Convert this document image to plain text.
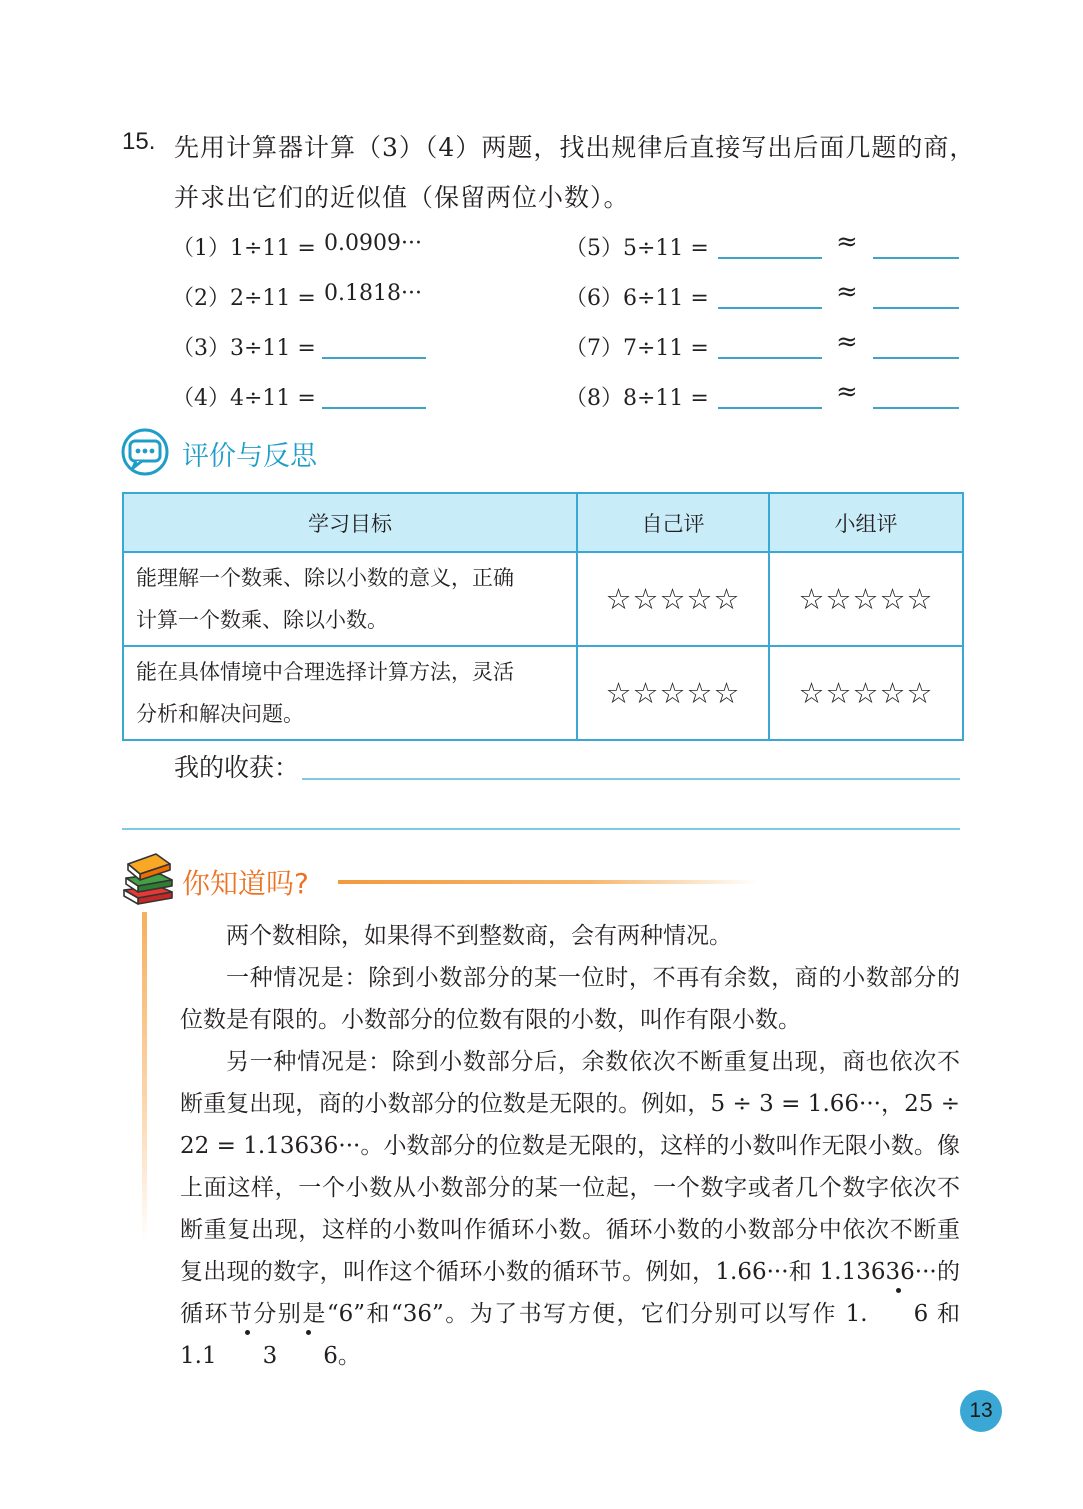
15. 先用计算器计算（3）（4）两题，找出规律后直接写出后面几题的商，
并求出它们的近似值（保留两位小数）。
（1）1÷11 = 0.0909···
（2）2÷11 = 0.1818···
（3）3÷11 =
（4）4÷11 =
（5）5÷11 =	≈
（6）6÷11 =	≈
（7）7÷11 =	≈
（8）8÷11 =	≈
评价与反思
学习目标	自己评	小组评

能理解一个数乘、除以小数的意义，正确
计算一个数乘、除以小数。	☆☆☆☆☆	☆☆☆☆☆

能在具体情境中合理选择计算方法，灵活
分析和解决问题。	☆☆☆☆☆	☆☆☆☆☆
我的收获：
你知道吗?

两个数相除，如果得不到整数商，会有两种情况。

一种情况是：除到小数部分的某一位时，不再有余数，商的小数部分的位数是有限的。小数部分的位数有限的小数，叫作有限小数。

另一种情况是：除到小数部分后，余数依次不断重复出现，商也依次不断重复出现，商的小数部分的位数是无限的。例如，5 ÷ 3 = 1.66···，25 ÷ 22 = 1.13636···。小数部分的位数是无限的，这样的小数叫作无限小数。像上面这样，一个小数从小数部分的某一位起，一个数字或者几个数字依次不断重复出现，这样的小数叫作循环小数。循环小数的小数部分中依次不断重复出现的数字，叫作这个循环小数的循环节。例如，1.66···和 1.13636···的循环节分别是“6”和“36”。为了书写方便，它们分别可以写作 1. 6 和 1.1 3 6。

13
